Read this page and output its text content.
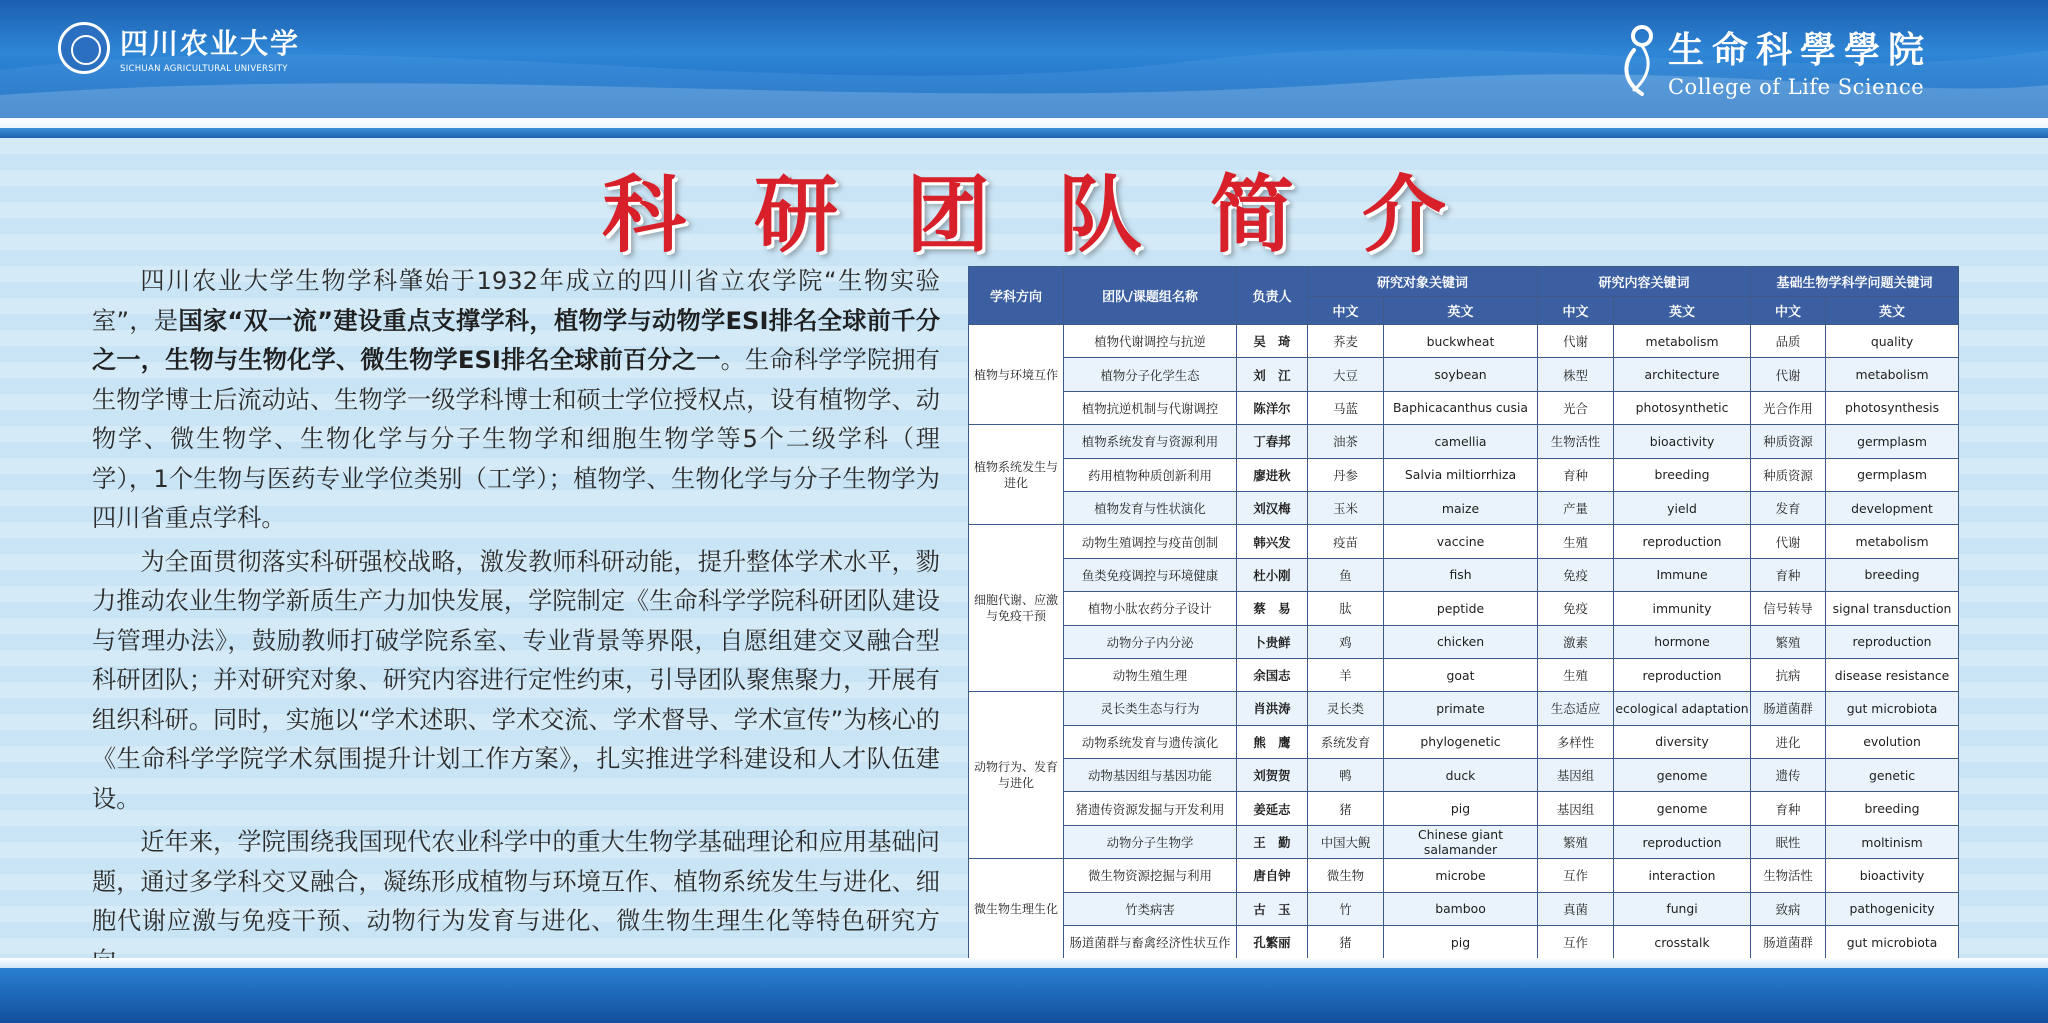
四川农业大学
SICHUAN AGRICULTURAL UNIVERSITY	生命科學學院
College of Life Science
科研团队简介

四川农业大学生物学科肇始于1932年成立的四川省立农学院“生物实验室”，是国家“双一流”建设重点支撑学科，植物学与动物学ESI排名全球前千分之一，生物与生物化学、微生物学ESI排名全球前百分之一。生命科学学院拥有生物学博士后流动站、生物学一级学科博士和硕士学位授权点，设有植物学、动物学、微生物学、生物化学与分子生物学和细胞生物学等5个二级学科（理学），1个生物与医药专业学位类别（工学）；植物学、生物化学与分子生物学为四川省重点学科。

为全面贯彻落实科研强校战略，激发教师科研动能，提升整体学术水平，勠力推动农业生物学新质生产力加快发展，学院制定《生命科学学院科研团队建设与管理办法》，鼓励教师打破学院系室、专业背景等界限，自愿组建交叉融合型科研团队；并对研究对象、研究内容进行定性约束，引导团队聚焦聚力，开展有组织科研。同时，实施以“学术述职、学术交流、学术督导、学术宣传”为核心的《生命科学学院学术氛围提升计划工作方案》，扎实推进学科建设和人才队伍建设。

近年来，学院围绕我国现代农业科学中的重大生物学基础理论和应用基础问题，通过多学科交叉融合，凝练形成植物与环境互作、植物系统发生与进化、细胞代谢应激与免疫干预、动物行为发育与进化、微生物生理生化等特色研究方

学科方向	团队/课题组名称	负责人	研究对象关键词		研究内容关键词		基础生物学科学问题关键词	
			中文	英文	中文	英文	中文	英文
植物与环境互作	植物代谢调控与抗逆	吴　琦	荞麦	buckwheat	代谢	metabolism	品质	quality
	植物分子化学生态	刘　江	大豆	soybean	株型	architecture	代谢	metabolism
	植物抗逆机制与代谢调控	陈洋尔	马蓝	Baphicacanthus cusia	光合	photosynthetic	光合作用	photosynthesis
植物系统发生与进化	植物系统发育与资源利用	丁春邦	油茶	camellia	生物活性	bioactivity	种质资源	germplasm
	药用植物种质创新利用	廖进秋	丹参	Salvia miltiorrhiza	育种	breeding	种质资源	germplasm
	植物发育与性状演化	刘汉梅	玉米	maize	产量	yield	发育	development
细胞代谢、应激与免疫干预	动物生殖调控与疫苗创制	韩兴发	疫苗	vaccine	生殖	reproduction	代谢	metabolism
	鱼类免疫调控与环境健康	杜小刚	鱼	fish	免疫	Immune	育种	breeding
	植物小肽农药分子设计	蔡　易	肽	peptide	免疫	immunity	信号转导	signal transduction
	动物分子内分泌	卜贵鲜	鸡	chicken	激素	hormone	繁殖	reproduction
	动物生殖生理	余国志	羊	goat	生殖	reproduction	抗病	disease resistance
动物行为、发育与进化	灵长类生态与行为	肖洪涛	灵长类	primate	生态适应	ecological adaptation	肠道菌群	gut microbiota
	动物系统发育与遗传演化	熊　鹰	系统发育	phylogenetic	多样性	diversity	进化	evolution
	动物基因组与基因功能	刘贺贺	鸭	duck	基因组	genome	遗传	genetic
	猪遗传资源发掘与开发利用	姜延志	猪	pig	基因组	genome	育种	breeding
	动物分子生物学	王　勤	中国大鲵	Chinese giant salamander	繁殖	reproduction	眠性	moltinism
微生物生理生化	微生物资源挖掘与利用	唐自钟	微生物	microbe	互作	interaction	生物活性	bioactivity
	竹类病害	古　玉	竹	bamboo	真菌	fungi	致病	pathogenicity
	肠道菌群与畜禽经济性状互作	孔繁丽	猪	pig	互作	crosstalk	肠道菌群	gut microbiota
